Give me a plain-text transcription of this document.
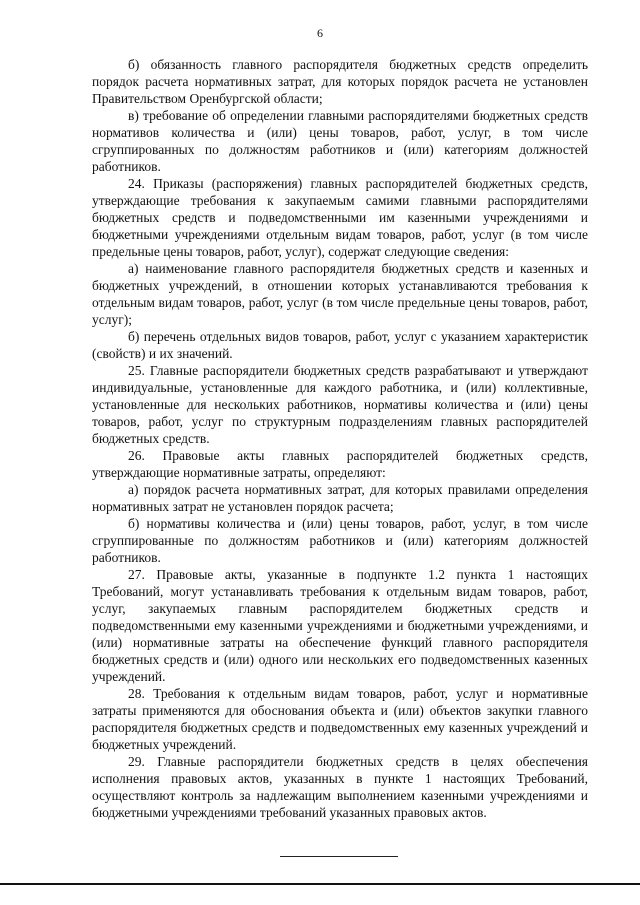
6

б) обязанность главного распорядителя бюджетных средств определить порядок расчета нормативных затрат, для которых порядок расчета не установлен Правительством Оренбургской области;

в) требование об определении главными распорядителями бюджетных средств нормативов количества и (или) цены товаров, работ, услуг, в том числе сгруппированных по должностям работников и (или) категориям должностей работников.

24. Приказы (распоряжения) главных распорядителей бюджетных средств, утверждающие требования к закупаемым самими главными распорядителями бюджетных средств и подведомственными им казенными учреждениями и бюджетными учреждениями отдельным видам товаров, работ, услуг (в том числе предельные цены товаров, работ, услуг), содержат следующие сведения:

а) наименование главного распорядителя бюджетных средств и казенных и бюджетных учреждений, в отношении которых устанавливаются требования к отдельным видам товаров, работ, услуг (в том числе предельные цены товаров, работ, услуг);

б) перечень отдельных видов товаров, работ, услуг с указанием характеристик (свойств) и их значений.

25. Главные распорядители бюджетных средств разрабатывают и утверждают индивидуальные, установленные для каждого работника, и (или) коллективные, установленные для нескольких работников, нормативы количества и (или) цены товаров, работ, услуг по структурным подразделениям главных распорядителей бюджетных средств.

26. Правовые акты главных распорядителей бюджетных средств, утверждающие нормативные затраты, определяют:

а) порядок расчета нормативных затрат, для которых правилами определения нормативных затрат не установлен порядок расчета;

б) нормативы количества и (или) цены товаров, работ, услуг, в том числе сгруппированные по должностям работников и (или) категориям должностей работников.

27. Правовые акты, указанные в подпункте 1.2 пункта 1 настоящих Требований, могут устанавливать требования к отдельным видам товаров, работ, услуг, закупаемых главным распорядителем бюджетных средств и подведомственными ему казенными учреждениями и бюджетными учреждениями, и (или) нормативные затраты на обеспечение функций главного распорядителя бюджетных средств и (или) одного или нескольких его подведомственных казенных учреждений.

28. Требования к отдельным видам товаров, работ, услуг и нормативные затраты применяются для обоснования объекта и (или) объектов закупки главного распорядителя бюджетных средств и подведомственных ему казенных учреждений и бюджетных учреждений.

29. Главные распорядители бюджетных средств в целях обеспечения исполнения правовых актов, указанных в пункте 1 настоящих Требований, осуществляют контроль за надлежащим выполнением казенными учреждениями и бюджетными учреждениями требований указанных правовых актов.
